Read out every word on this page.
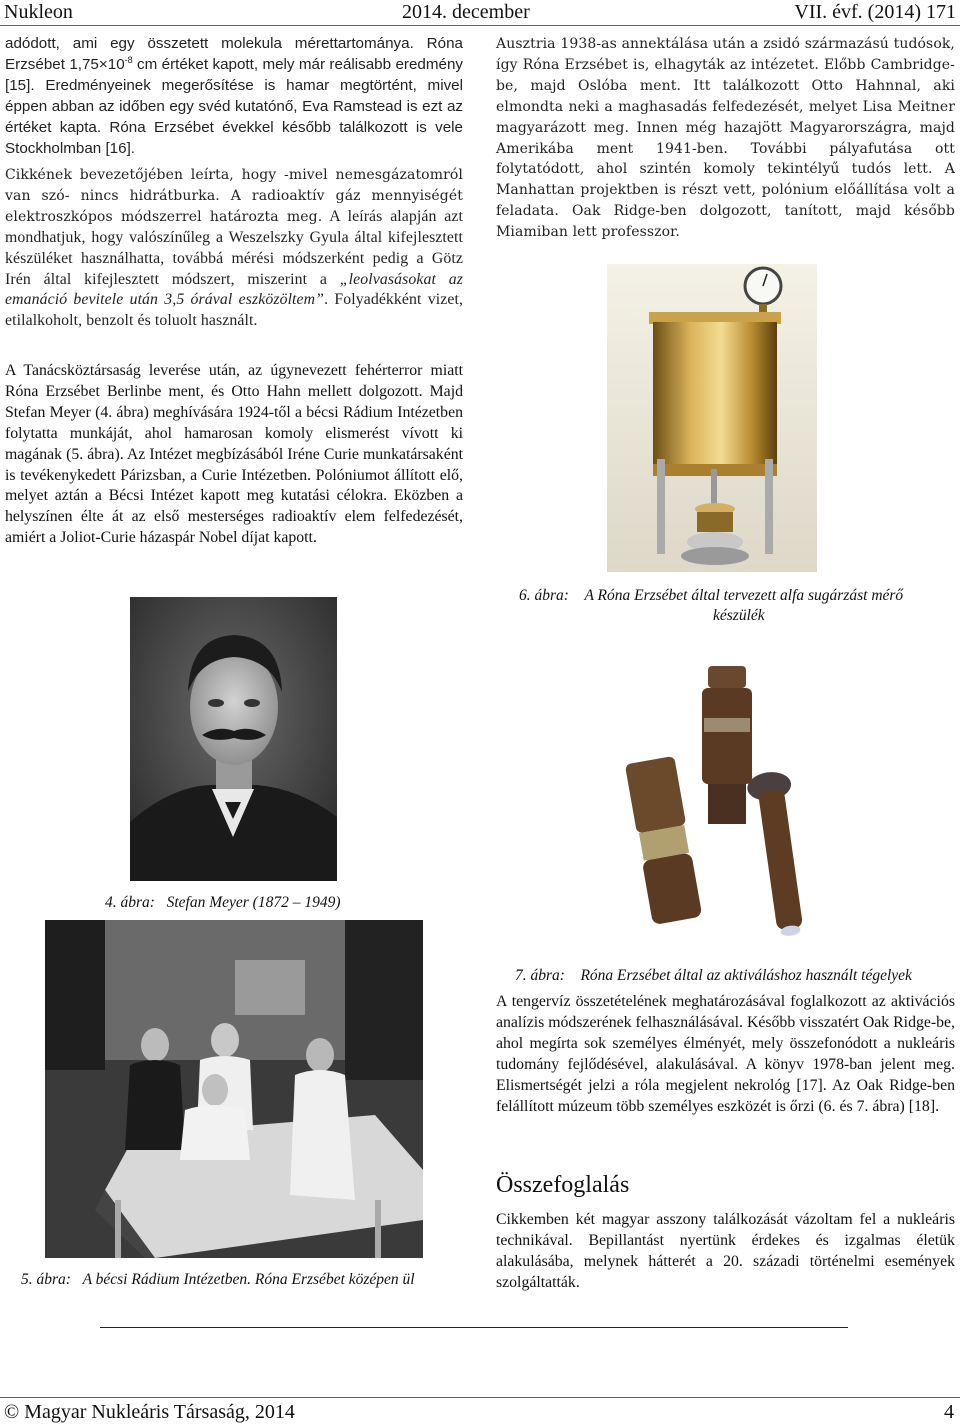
Nukleon	2014. december	VII. évf. (2014) 171
adódott, ami egy összetett molekula mérettartománya. Róna Erzsébet $1,75\times 10^{-8}$ cm értéket kapott, mely már reálisabb eredmény [15]. Eredményeinek megerősítése is hamar megtörtént, mivel éppen abban az időben egy svéd kutatónő, Eva Ramstead is ezt az értéket kapta. Róna Erzsébet évekkel később találkozott is vele Stockholmban [16].
Cikkének bevezetőjében leírta, hogy -mivel nemesgázatomról van szó- nincs hidrátburka. A radioaktív gáz mennyiségét elektroszkópos módszerrel határozta meg. A leírás alapján azt mondhatjuk, hogy valószínűleg a Weszelszky Gyula által kifejlesztett készüléket használhatta, továbbá mérési módszerként pedig a Götz Irén által kifejlesztett módszert, miszerint a „leolvasásokat az emanáció bevitele után 3,5 órával eszközöltem”. Folyadékként vizet, etilalkoholt, benzolt és toluolt használt.
A Tanácsköztársaság leverése után, az úgynevezett fehérterror miatt Róna Erzsébet Berlinbe ment, és Otto Hahn mellett dolgozott. Majd Stefan Meyer (4. ábra) meghívására 1924-től a bécsi Rádium Intézetben folytatta munkáját, ahol hamarosan komoly elismerést vívott ki magának (5. ábra). Az Intézet megbízásából Iréne Curie munkatársaként is tevékenykedett Párizsban, a Curie Intézetben. Polóniumot állított elő, melyet aztán a Bécsi Intézet kapott meg kutatási célokra. Eközben a helyszínen élte át az első mesterséges radioaktív elem felfedezését, amiért a Joliot-Curie házaspár Nobel díjat kapott.
4. ábra: Stefan Meyer (1872 – 1949)
5. ábra: A bécsi Rádium Intézetben. Róna Erzsébet középen ül
Ausztria 1938-as annektálása után a zsidó származású tudósok, így Róna Erzsébet is, elhagyták az intézetet. Előbb Cambridge-be, majd Oslóba ment. Itt találkozott Otto Hahnnal, aki elmondta neki a maghasadás felfedezését, melyet Lisa Meitner magyarázott meg. Innen még hazajött Magyarországra, majd Amerikába ment 1941-ben. További pályafutása ott folytatódott, ahol szintén komoly tekintélyű tudós lett. A Manhattan projektben is részt vett, polónium előállítása volt a feladata. Oak Ridge-ben dolgozott, tanított, majd később Miamiban lett professzor.
6. ábra: A Róna Erzsébet által tervezett alfa sugárzást mérő
készülék
7. ábra: Róna Erzsébet által az aktiváláshoz használt tégelyek
A tengervíz összetételének meghatározásával foglalkozott az aktivációs analízis módszerének felhasználásával. Később visszatért Oak Ridge-be, ahol megírta sok személyes élményét, mely összefonódott a nukleáris tudomány fejlődésével, alakulásával. A könyv 1978-ban jelent meg. Elismertségét jelzi a róla megjelent nekrológ [17]. Az Oak Ridge-ben felállított múzeum több személyes eszközét is őrzi (6. és 7. ábra) [18].
Összefoglalás
Cikkemben két magyar asszony találkozását vázoltam fel a nukleáris technikával. Bepillantást nyertünk érdekes és izgalmas életük alakulásába, melynek hátterét a 20. századi történelmi események szolgáltatták.
© Magyar Nukleáris Társaság, 2014	4
